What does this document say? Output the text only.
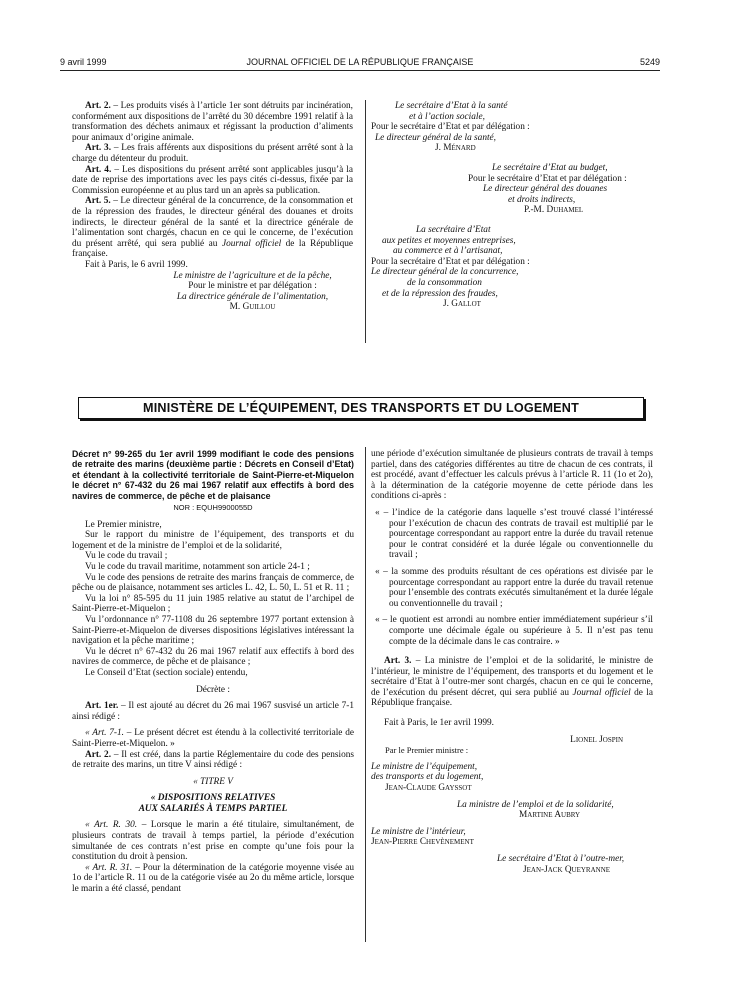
9 avril 1999	JOURNAL OFFICIEL DE LA RÉPUBLIQUE FRANÇAISE	5249

Art. 2. – Les produits visés à l’article 1er sont détruits par incinération, conformément aux dispositions de l’arrêté du 30 décembre 1991 relatif à la transformation des déchets animaux et régissant la production d’aliments pour animaux d’origine animale.

Art. 3. – Les frais afférents aux dispositions du présent arrêté sont à la charge du détenteur du produit.

Art. 4. – Les dispositions du présent arrêté sont applicables jusqu’à la date de reprise des importations avec les pays cités ci-dessus, fixée par la Commission européenne et au plus tard un an après sa publication.

Art. 5. – Le directeur général de la concurrence, de la consommation et de la répression des fraudes, le directeur général des douanes et droits indirects, le directeur général de la santé et la directrice générale de l’alimentation sont chargés, chacun en ce qui le concerne, de l’exécution du présent arrêté, qui sera publié au Journal officiel de la République française.

Fait à Paris, le 6 avril 1999.

Le ministre de l’agriculture et de la pêche,

Pour le ministre et par délégation :

La directrice générale de l’alimentation,

M. Guillou

Le secrétaire d’Etat à la santé

et à l’action sociale,

Pour le secrétaire d’Etat et par délégation :

Le directeur général de la santé,

J. Ménard

Le secrétaire d’Etat au budget,

Pour le secrétaire d’Etat et par délégation :

Le directeur général des douanes

et droits indirects,

P.-M. Duhamel

La secrétaire d’Etat

aux petites et moyennes entreprises,

au commerce et à l’artisanat,

Pour la secrétaire d’Etat et par délégation :

Le directeur général de la concurrence,

de la consommation

et de la répression des fraudes,

J. Gallot

MINISTÈRE DE L’ÉQUIPEMENT, DES TRANSPORTS ET DU LOGEMENT

Décret n° 99-265 du 1er avril 1999 modifiant le code des pensions de retraite des marins (deuxième partie : Décrets en Conseil d’Etat) et étendant à la collectivité territoriale de Saint-Pierre-et-Miquelon le décret n° 67-432 du 26 mai 1967 relatif aux effectifs à bord des navires de commerce, de pêche et de plaisance

NOR : EQUH9900055D

Le Premier ministre,

Sur le rapport du ministre de l’équipement, des transports et du logement et de la ministre de l’emploi et de la solidarité,

Vu le code du travail ;

Vu le code du travail maritime, notamment son article 24-1 ;

Vu le code des pensions de retraite des marins français de commerce, de pêche ou de plaisance, notamment ses articles L. 42, L. 50, L. 51 et R. 11 ;

Vu la loi n° 85-595 du 11 juin 1985 relative au statut de l’archipel de Saint-Pierre-et-Miquelon ;

Vu l’ordonnance n° 77-1108 du 26 septembre 1977 portant extension à Saint-Pierre-et-Miquelon de diverses dispositions législatives intéressant la navigation et la pêche maritime ;

Vu le décret n° 67-432 du 26 mai 1967 relatif aux effectifs à bord des navires de commerce, de pêche et de plaisance ;

Le Conseil d’Etat (section sociale) entendu,

Décrète :

Art. 1er. – Il est ajouté au décret du 26 mai 1967 susvisé un article 7-1 ainsi rédigé :

« Art. 7-1. – Le présent décret est étendu à la collectivité territoriale de Saint-Pierre-et-Miquelon. »

Art. 2. – Il est créé, dans la partie Réglementaire du code des pensions de retraite des marins, un titre V ainsi rédigé :

« TITRE V

« DISPOSITIONS RELATIVES

AUX SALARIÉS À TEMPS PARTIEL

« Art. R. 30. – Lorsque le marin a été titulaire, simultanément, de plusieurs contrats de travail à temps partiel, la période d’exécution simultanée de ces contrats n’est prise en compte qu’une fois pour la constitution du droit à pension.

« Art. R. 31. – Pour la détermination de la catégorie moyenne visée au 1o de l’article R. 11 ou de la catégorie visée au 2o du même article, lorsque le marin a été classé, pendant

une période d’exécution simultanée de plusieurs contrats de travail à temps partiel, dans des catégories différentes au titre de chacun de ces contrats, il est procédé, avant d’effectuer les calculs prévus à l’article R. 11 (1o et 2o), à la détermination de la catégorie moyenne de cette période dans les conditions ci-après :

« – l’indice de la catégorie dans laquelle s’est trouvé classé l’intéressé pour l’exécution de chacun des contrats de travail est multiplié par le pourcentage correspondant au rapport entre la durée du travail retenue pour le contrat considéré et la durée légale ou conventionnelle du travail ;

« – la somme des produits résultant de ces opérations est divisée par le pourcentage correspondant au rapport entre la durée du travail retenue pour l’ensemble des contrats exécutés simultanément et la durée légale ou conventionnelle du travail ;

« – le quotient est arrondi au nombre entier immédiatement supérieur s’il comporte une décimale égale ou supérieure à 5. Il n’est pas tenu compte de la décimale dans le cas contraire. »

Art. 3. – La ministre de l’emploi et de la solidarité, le ministre de l’intérieur, le ministre de l’équipement, des transports et du logement et le secrétaire d’Etat à l’outre-mer sont chargés, chacun en ce qui le concerne, de l’exécution du présent décret, qui sera publié au Journal officiel de la République française.

Fait à Paris, le 1er avril 1999.

Lionel Jospin

Par le Premier ministre :

Le ministre de l’équipement,

des transports et du logement,

Jean-Claude Gayssot

La ministre de l’emploi et de la solidarité,

Martine Aubry

Le ministre de l’intérieur,

Jean-Pierre Chevènement

Le secrétaire d’Etat à l’outre-mer,

Jean-Jack Queyranne
